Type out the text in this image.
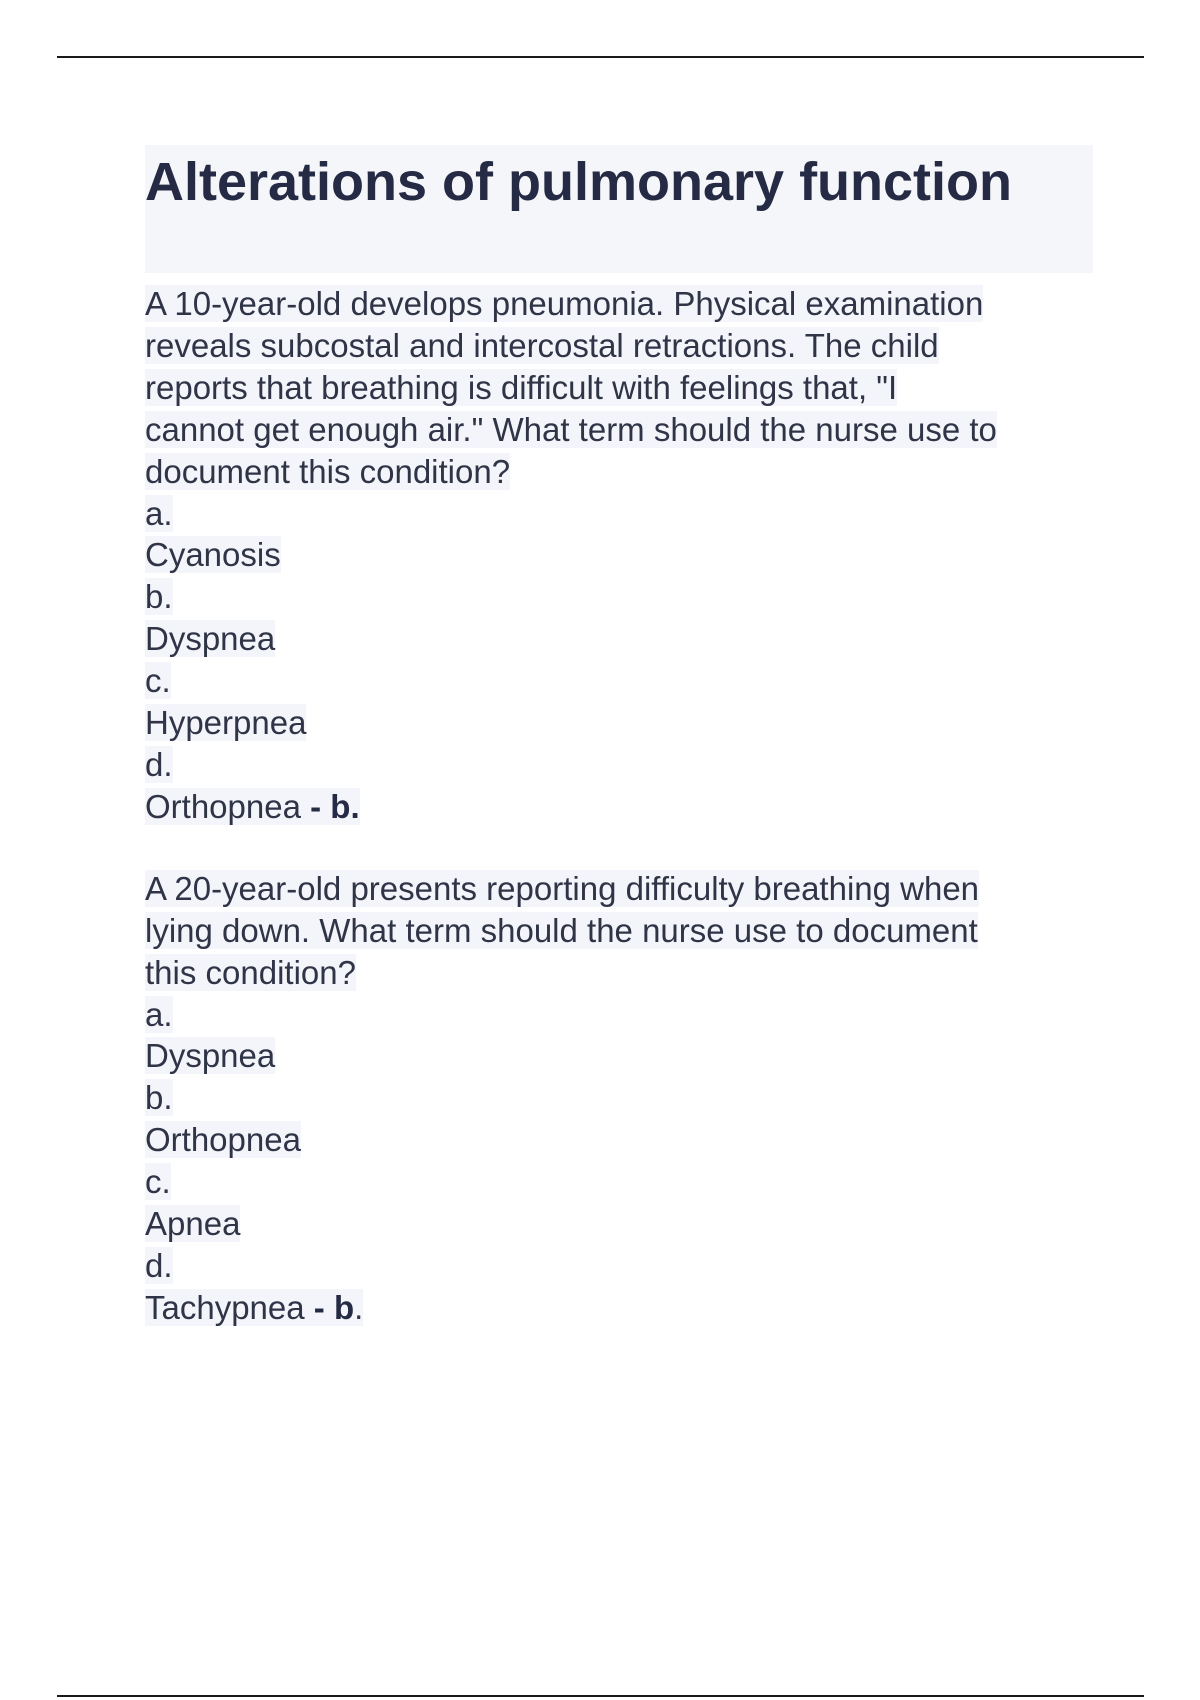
Alterations of pulmonary function
A 10-year-old develops pneumonia. Physical examination
reveals subcostal and intercostal retractions. The child
reports that breathing is difficult with feelings that, "I
cannot get enough air." What term should the nurse use to
document this condition?
a.
Cyanosis
b.
Dyspnea
c.
Hyperpnea
d.
Orthopnea - b.
A 20-year-old presents reporting difficulty breathing when
lying down. What term should the nurse use to document
this condition?
a.
Dyspnea
b.
Orthopnea
c.
Apnea
d.
Tachypnea - b.
